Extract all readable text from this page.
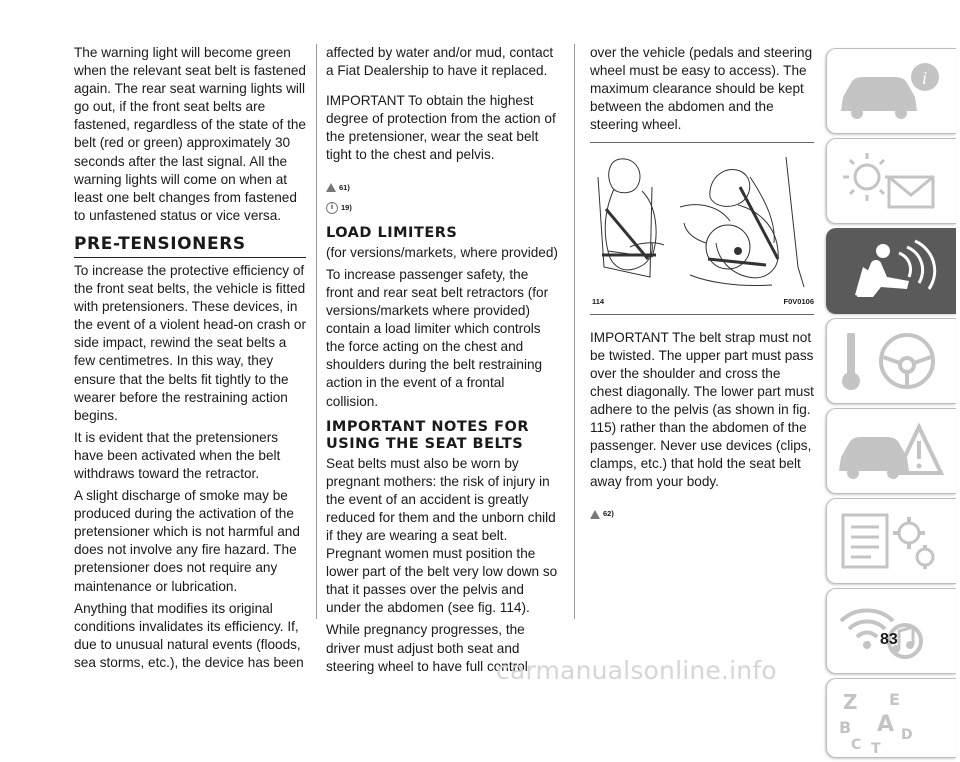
The warning light will become green when the relevant seat belt is fastened again. The rear seat warning lights will go out, if the front seat belts are fastened, regardless of the state of the belt (red or green) approximately 30 seconds after the last signal. All the warning lights will come on when at least one belt changes from fastened to unfastened status or vice versa.

PRE-TENSIONERS

To increase the protective efficiency of the front seat belts, the vehicle is fitted with pretensioners. These devices, in the event of a violent head-on crash or side impact, rewind the seat belts a few centimetres. In this way, they ensure that the belts fit tightly to the wearer before the restraining action begins.

It is evident that the pretensioners have been activated when the belt withdraws toward the retractor.

A slight discharge of smoke may be produced during the activation of the pretensioner which is not harmful and does not involve any fire hazard. The pretensioner does not require any maintenance or lubrication.

Anything that modifies its original conditions invalidates its efficiency. If, due to unusual natural events (floods, sea storms, etc.), the device has been

affected by water and/or mud, contact a Fiat Dealership to have it replaced.

IMPORTANT To obtain the highest degree of protection from the action of the pretensioner, wear the seat belt tight to the chest and pelvis.

61)
i	19)
LOAD LIMITERS

(for versions/markets, where provided)

To increase passenger safety, the front and rear seat belt retractors (for versions/markets where provided) contain a load limiter which controls the force acting on the chest and shoulders during the belt restraining action in the event of a frontal collision.

IMPORTANT NOTES FOR USING THE SEAT BELTS

Seat belts must also be worn by pregnant mothers: the risk of injury in the event of an accident is greatly reduced for them and the unborn child if they are wearing a seat belt. Pregnant women must position the lower part of the belt very low down so that it passes over the pelvis and under the abdomen (see fig. 114).

While pregnancy progresses, the driver must adjust both seat and steering wheel to have full control

over the vehicle (pedals and steering wheel must be easy to access). The maximum clearance should be kept between the abdomen and the steering wheel.

114	F0V0106

IMPORTANT The belt strap must not be twisted. The upper part must pass over the shoulder and cross the chest diagonally. The lower part must adhere to the pelvis (as shown in fig. 115) rather than the abdomen of the passenger. Never use devices (clips, clamps, etc.) that hold the seat belt away from your body.

62)
i
Z E
B A
C
D
T
83
carmanualsonline.info
